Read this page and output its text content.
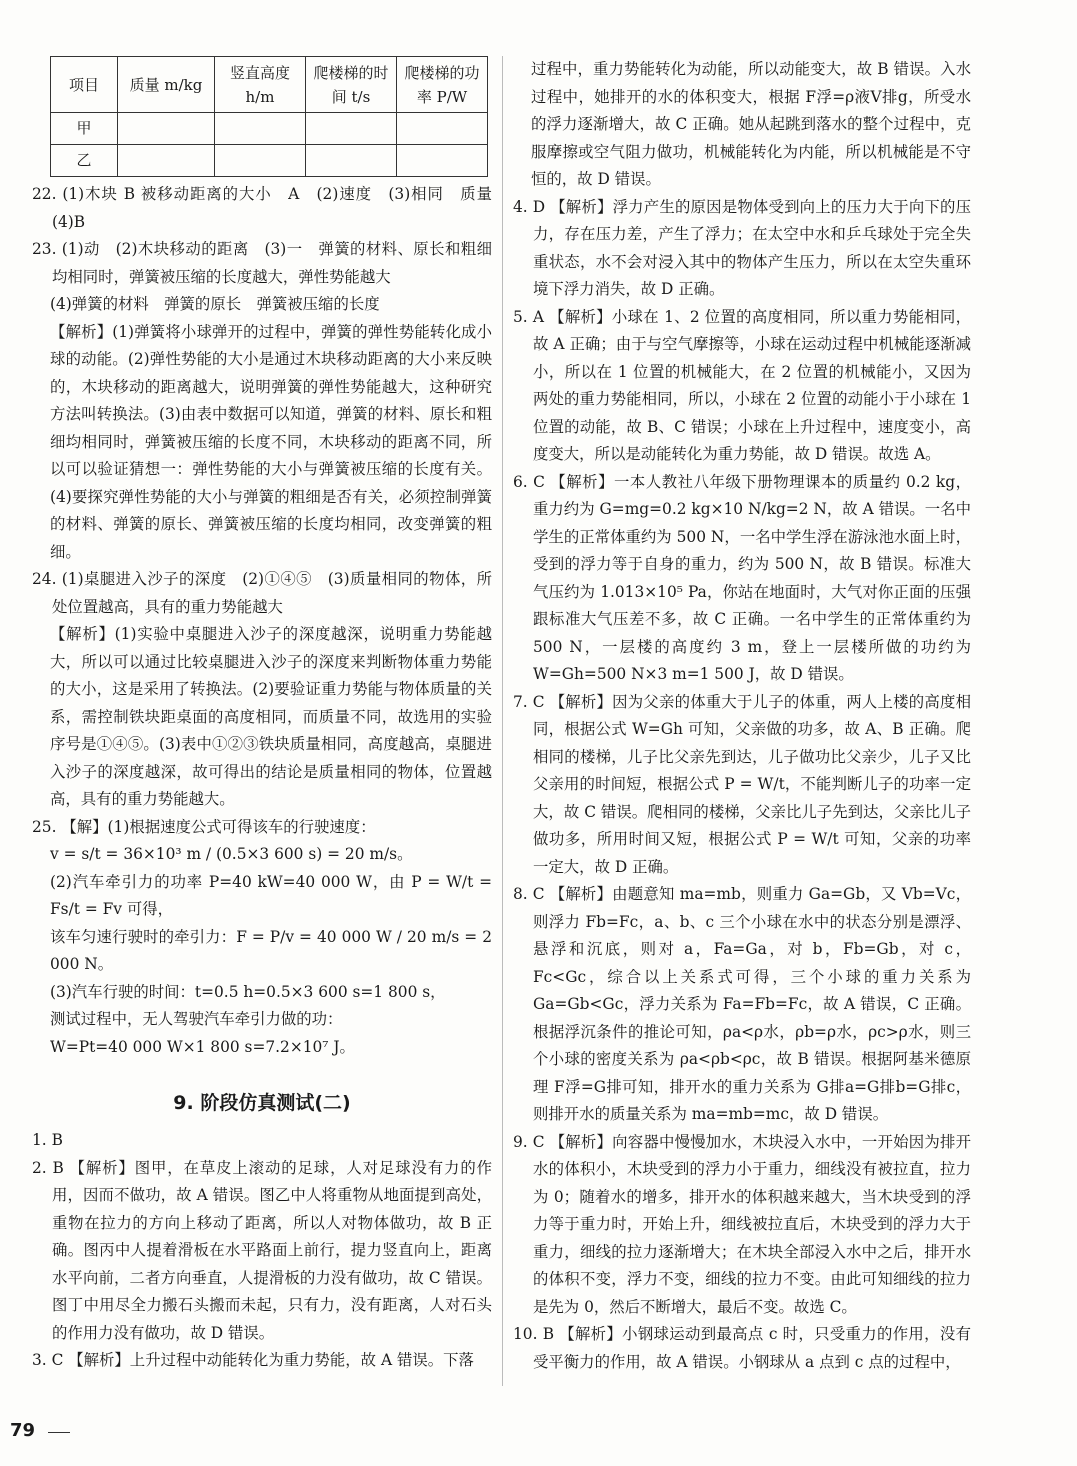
项目	质量 m/kg	竖直高度 h/m	爬楼梯的时间 t/s	爬楼梯的功率 P/W
甲				
乙				

22. (1)木块 B 被移动距离的大小　A　(2)速度　(3)相同　质量　(4)B

23. (1)动　(2)木块移动的距离　(3)一　弹簧的材料、原长和粗细均相同时，弹簧被压缩的长度越大，弹性势能越大

(4)弹簧的材料　弹簧的原长　弹簧被压缩的长度

【解析】(1)弹簧将小球弹开的过程中，弹簧的弹性势能转化成小球的动能。(2)弹性势能的大小是通过木块移动距离的大小来反映的，木块移动的距离越大，说明弹簧的弹性势能越大，这种研究方法叫转换法。(3)由表中数据可以知道，弹簧的材料、原长和粗细均相同时，弹簧被压缩的长度不同，木块移动的距离不同，所以可以验证猜想一：弹性势能的大小与弹簧被压缩的长度有关。(4)要探究弹性势能的大小与弹簧的粗细是否有关，必须控制弹簧的材料、弹簧的原长、弹簧被压缩的长度均相同，改变弹簧的粗细。

24. (1)桌腿进入沙子的深度　(2)①④⑤　(3)质量相同的物体，所处位置越高，具有的重力势能越大

【解析】(1)实验中桌腿进入沙子的深度越深，说明重力势能越大，所以可以通过比较桌腿进入沙子的深度来判断物体重力势能的大小，这是采用了转换法。(2)要验证重力势能与物体质量的关系，需控制铁块距桌面的高度相同，而质量不同，故选用的实验序号是①④⑤。(3)表中①②③铁块质量相同，高度越高，桌腿进入沙子的深度越深，故可得出的结论是质量相同的物体，位置越高，具有的重力势能越大。

25. 【解】(1)根据速度公式可得该车的行驶速度：

v = s/t = 36×10³ m / (0.5×3 600 s) = 20 m/s。

(2)汽车牵引力的功率 P=40 kW=40 000 W，由 P = W/t = Fs/t = Fv 可得，

该车匀速行驶时的牵引力：F = P/v = 40 000 W / 20 m/s = 2 000 N。

(3)汽车行驶的时间：t=0.5 h=0.5×3 600 s=1 800 s，

测试过程中，无人驾驶汽车牵引力做的功：

W=Pt=40 000 W×1 800 s=7.2×10⁷ J。

9. 阶段仿真测试(二)

1. B

2. B 【解析】图甲，在草皮上滚动的足球，人对足球没有力的作用，因而不做功，故 A 错误。图乙中人将重物从地面提到高处，重物在拉力的方向上移动了距离，所以人对物体做功，故 B 正确。图丙中人提着滑板在水平路面上前行，提力竖直向上，距离水平向前，二者方向垂直，人提滑板的力没有做功，故 C 错误。图丁中用尽全力搬石头搬而未起，只有力，没有距离，人对石头的作用力没有做功，故 D 错误。

3. C 【解析】上升过程中动能转化为重力势能，故 A 错误。下落

过程中，重力势能转化为动能，所以动能变大，故 B 错误。入水过程中，她排开的水的体积变大，根据 F浮=ρ液V排g，所受水的浮力逐渐增大，故 C 正确。她从起跳到落水的整个过程中，克服摩擦或空气阻力做功，机械能转化为内能，所以机械能是不守恒的，故 D 错误。

4. D 【解析】浮力产生的原因是物体受到向上的压力大于向下的压力，存在压力差，产生了浮力；在太空中水和乒乓球处于完全失重状态，水不会对浸入其中的物体产生压力，所以在太空失重环境下浮力消失，故 D 正确。

5. A 【解析】小球在 1、2 位置的高度相同，所以重力势能相同，故 A 正确；由于与空气摩擦等，小球在运动过程中机械能逐渐减小，所以在 1 位置的机械能大，在 2 位置的机械能小，又因为两处的重力势能相同，所以，小球在 2 位置的动能小于小球在 1 位置的动能，故 B、C 错误；小球在上升过程中，速度变小，高度变大，所以是动能转化为重力势能，故 D 错误。故选 A。

6. C 【解析】一本人教社八年级下册物理课本的质量约 0.2 kg，重力约为 G=mg=0.2 kg×10 N/kg=2 N，故 A 错误。一名中学生的正常体重约为 500 N，一名中学生浮在游泳池水面上时，受到的浮力等于自身的重力，约为 500 N，故 B 错误。标准大气压约为 1.013×10⁵ Pa，你站在地面时，大气对你正面的压强跟标准大气压差不多，故 C 正确。一名中学生的正常体重约为 500 N，一层楼的高度约 3 m，登上一层楼所做的功约为 W=Gh=500 N×3 m=1 500 J，故 D 错误。

7. C 【解析】因为父亲的体重大于儿子的体重，两人上楼的高度相同，根据公式 W=Gh 可知，父亲做的功多，故 A、B 正确。爬相同的楼梯，儿子比父亲先到达，儿子做功比父亲少，儿子又比父亲用的时间短，根据公式 P = W/t，不能判断儿子的功率一定大，故 C 错误。爬相同的楼梯，父亲比儿子先到达，父亲比儿子做功多，所用时间又短，根据公式 P = W/t 可知，父亲的功率一定大，故 D 正确。

8. C 【解析】由题意知 ma=mb，则重力 Ga=Gb，又 Vb=Vc，则浮力 Fb=Fc，a、b、c 三个小球在水中的状态分别是漂浮、悬浮和沉底，则对 a，Fa=Ga，对 b，Fb=Gb，对 c，Fc<Gc，综合以上关系式可得，三个小球的重力关系为 Ga=Gb<Gc，浮力关系为 Fa=Fb=Fc，故 A 错误，C 正确。根据浮沉条件的推论可知，ρa<ρ水，ρb=ρ水，ρc>ρ水，则三个小球的密度关系为 ρa<ρb<ρc，故 B 错误。根据阿基米德原理 F浮=G排可知，排开水的重力关系为 G排a=G排b=G排c，则排开水的质量关系为 ma=mb=mc，故 D 错误。

9. C 【解析】向容器中慢慢加水，木块浸入水中，一开始因为排开水的体积小，木块受到的浮力小于重力，细线没有被拉直，拉力为 0；随着水的增多，排开水的体积越来越大，当木块受到的浮力等于重力时，开始上升，细线被拉直后，木块受到的浮力大于重力，细线的拉力逐渐增大；在木块全部浸入水中之后，排开水的体积不变，浮力不变，细线的拉力不变。由此可知细线的拉力是先为 0，然后不断增大，最后不变。故选 C。

10. B 【解析】小钢球运动到最高点 c 时，只受重力的作用，没有受平衡力的作用，故 A 错误。小钢球从 a 点到 c 点的过程中，

79
